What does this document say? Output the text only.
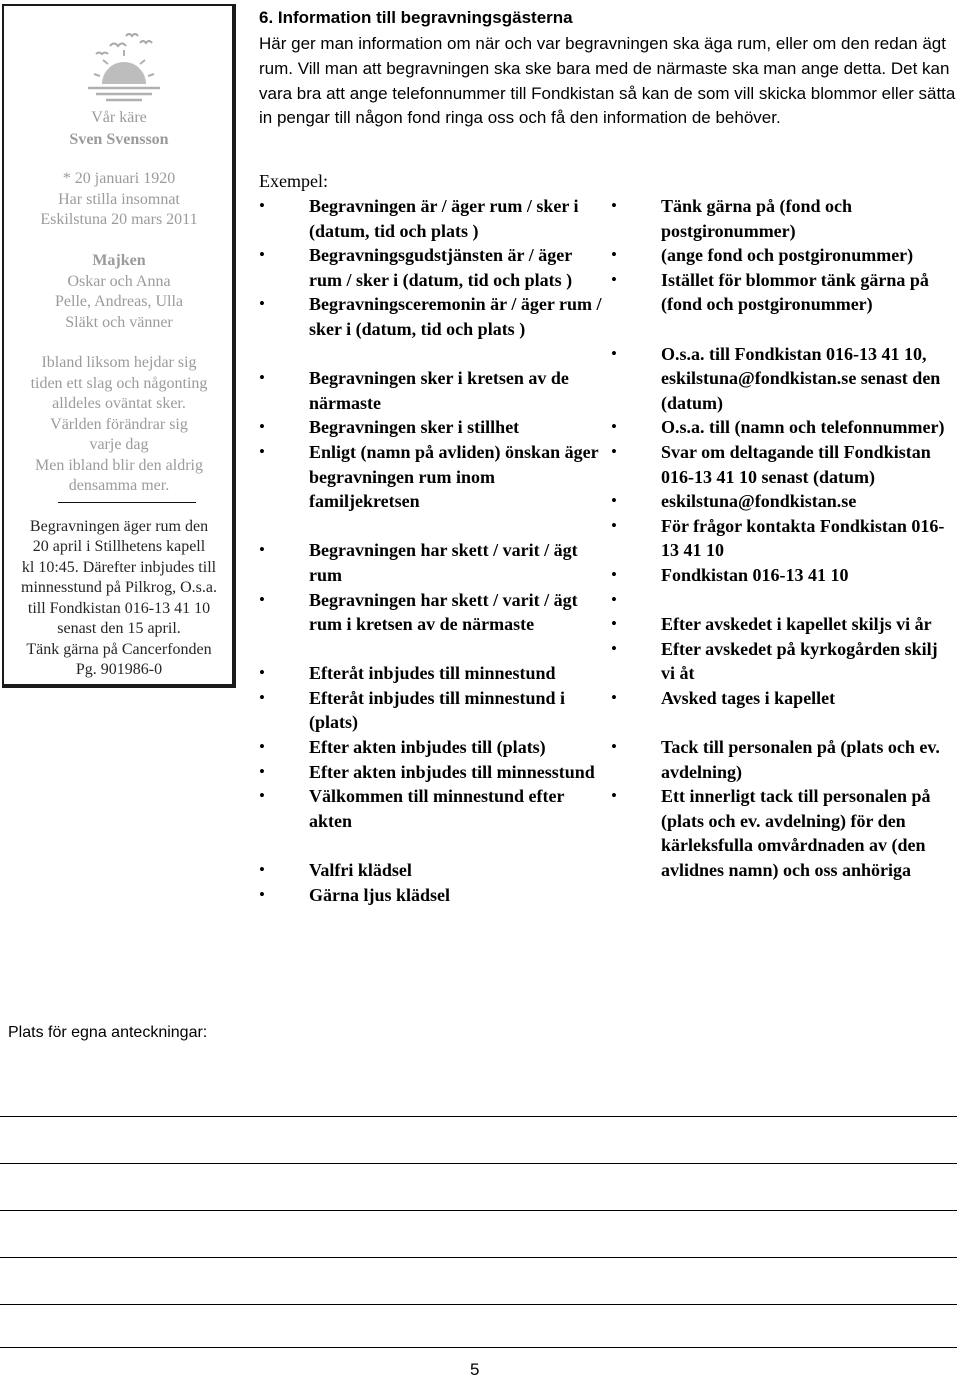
Vår käre

Sven Svensson

* 20 januari 1920

Har stilla insomnat

Eskilstuna 20 mars 2011

Majken

Oskar och Anna

Pelle, Andreas, Ulla

Släkt och vänner

Ibland liksom hejdar sig

tiden ett slag och någonting

alldeles oväntat sker.

Världen förändrar sig

varje dag

Men ibland blir den aldrig

densamma mer.

Begravningen äger rum den

20 april i Stillhetens kapell

kl 10:45. Därefter inbjudes till

minnesstund på Pilkrog, O.s.a.

till Fondkistan 016-13 41 10

senast den 15 april.

Tänk gärna på Cancerfonden

Pg. 901986-0

Plats för egna anteckningar:
6. Information till begravningsgästerna

Här ger man information om när och var begravningen ska äga rum, eller om den redan ägt rum. Vill man att begravningen ska ske bara med de närmaste ska man ange detta. Det kan vara bra att ange telefonnummer till Fondkistan så kan de som vill skicka blommor eller sätta in pengar till någon fond ringa oss och få den information de behöver.

Exempel:

• Begravningen är / äger rum / sker i (datum, tid och plats )
• Begravningsgudstjänsten är / äger rum / sker i (datum, tid och plats )
• Begravningsceremonin är / äger rum / sker i (datum, tid och plats )
• Begravningen sker i kretsen av de närmaste
• Begravningen sker i stillhet
• Enligt (namn på avliden) önskan äger begravningen rum inom familjekretsen
• Begravningen har skett / varit / ägt rum
• Begravningen har skett / varit / ägt rum i kretsen av de närmaste
• Efteråt inbjudes till minnestund
• Efteråt inbjudes till minnestund i (plats)
• Efter akten inbjudes till (plats)
• Efter akten inbjudes till minnesstund
• Välkommen till minnestund efter akten
• Valfri klädsel
• Gärna ljus klädsel
• Tänk gärna på (fond och postgironummer)
• (ange fond och postgironummer)
• Istället för blommor tänk gärna på (fond och postgironummer)
• O.s.a. till Fondkistan 016-13 41 10, eskilstuna@fondkistan.se senast den (datum)
• O.s.a. till (namn och telefonnummer)
• Svar om deltagande till Fondkistan 016-13 41 10 senast (datum)
• eskilstuna@fondkistan.se
• För frågor kontakta Fondkistan 016-13 41 10
• Fondkistan 016-13 41 10
•
• Efter avskedet i kapellet skiljs vi år
• Efter avskedet på kyrkogården skilj vi åt
• Avsked tages i kapellet
• Tack till personalen på (plats och ev. avdelning)
• Ett innerligt tack till personalen på (plats och ev. avdelning) för den kärleksfulla omvårdnaden av (den avlidnes namn) och oss anhöriga
5
